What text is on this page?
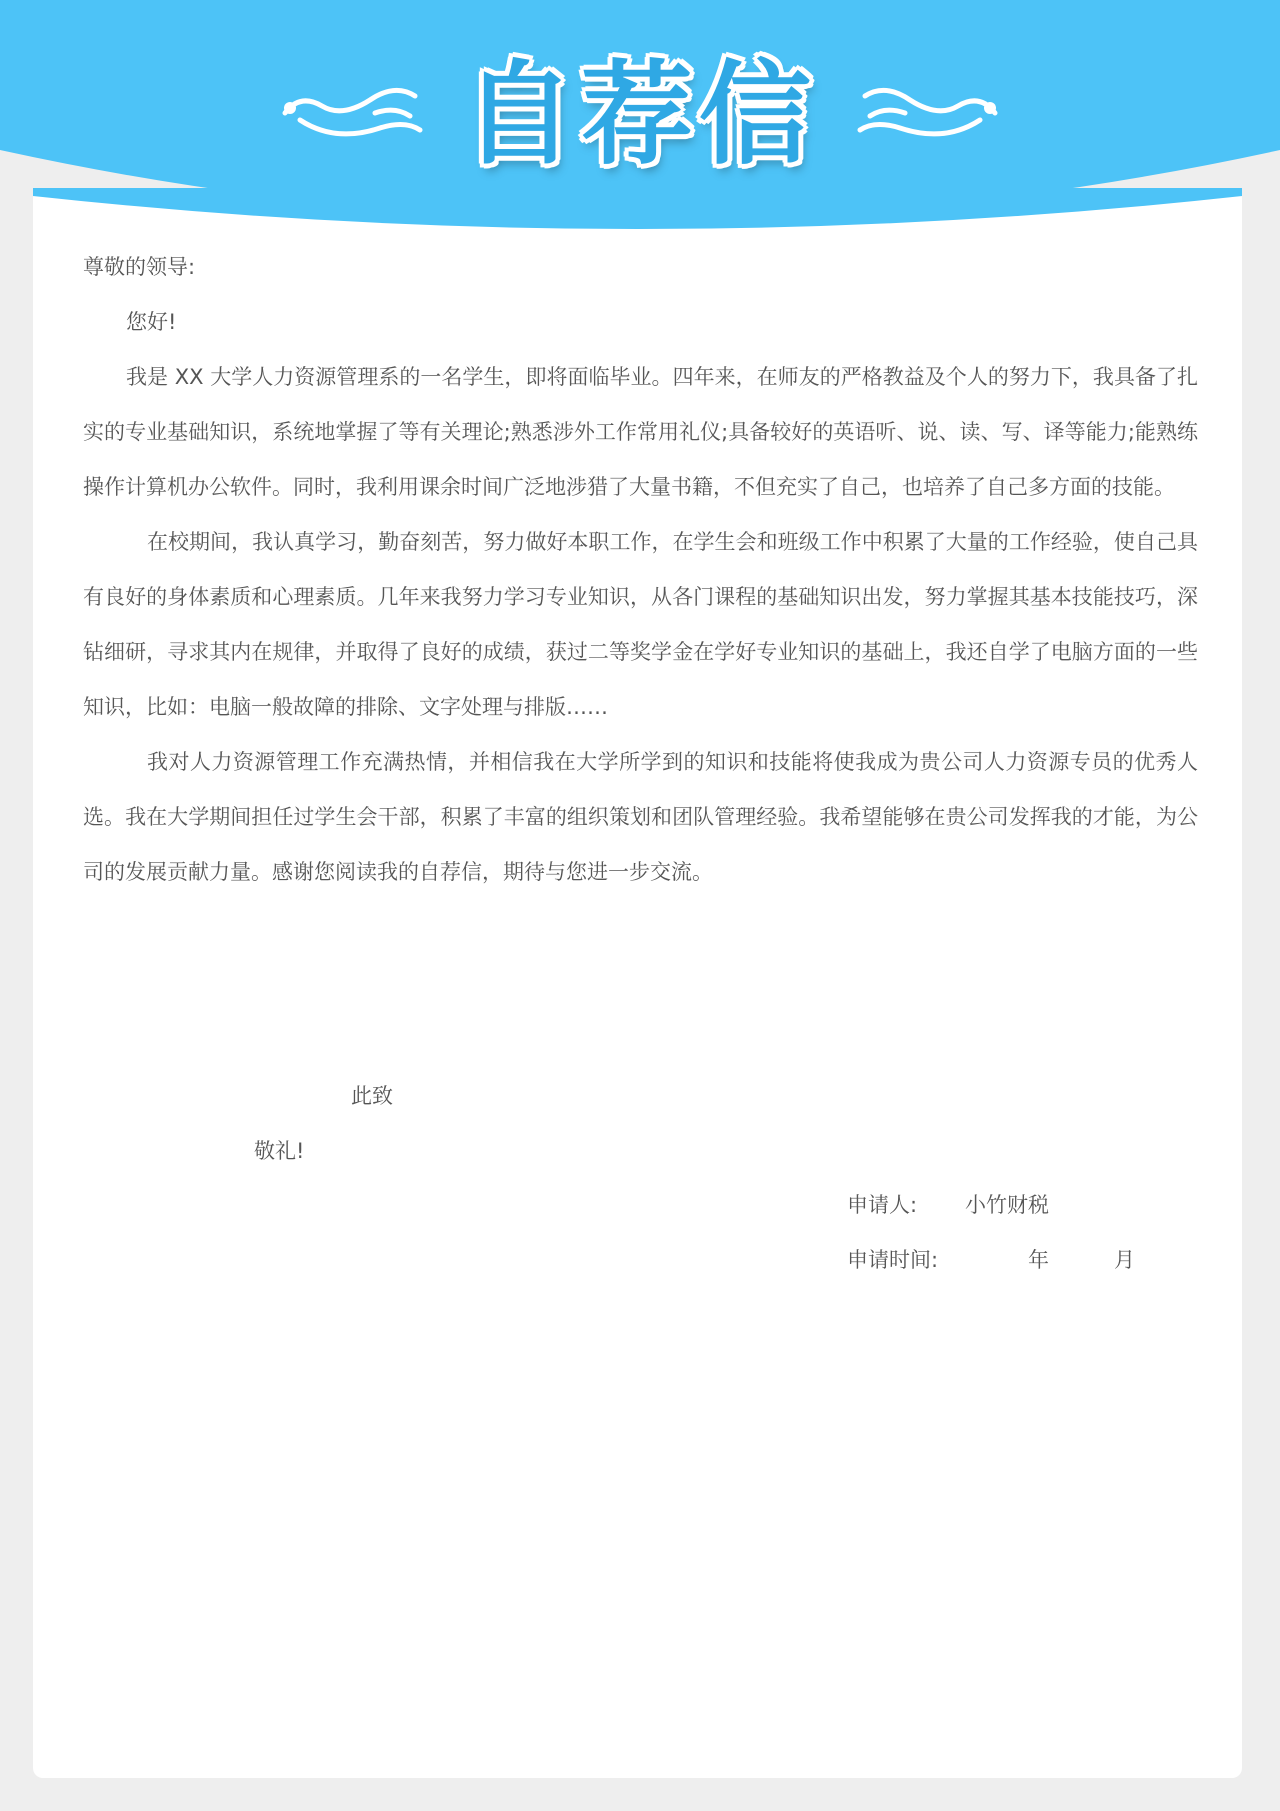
自荐信
尊敬的领导:
您好!

我是 XX 大学人力资源管理系的一名学生，即将面临毕业。四年来，在师友的严格教益及个人的努力下，我具备了扎实的专业基础知识，系统地掌握了等有关理论;熟悉涉外工作常用礼仪;具备较好的英语听、说、读、写、译等能力;能熟练操作计算机办公软件。同时，我利用课余时间广泛地涉猎了大量书籍，不但充实了自己，也培养了自己多方面的技能。

在校期间，我认真学习，勤奋刻苦，努力做好本职工作，在学生会和班级工作中积累了大量的工作经验，使自己具有良好的身体素质和心理素质。几年来我努力学习专业知识，从各门课程的基础知识出发，努力掌握其基本技能技巧，深钻细研，寻求其内在规律，并取得了良好的成绩，获过二等奖学金在学好专业知识的基础上，我还自学了电脑方面的一些知识，比如：电脑一般故障的排除、文字处理与排版……

我对人力资源管理工作充满热情，并相信我在大学所学到的知识和技能将使我成为贵公司人力资源专员的优秀人选。我在大学期间担任过学生会干部，积累了丰富的组织策划和团队管理经验。我希望能够在贵公司发挥我的才能，为公司的发展贡献力量。感谢您阅读我的自荐信，期待与您进一步交流。

此致
敬礼!
申请人: 小竹财税
申请时间:	年	月
